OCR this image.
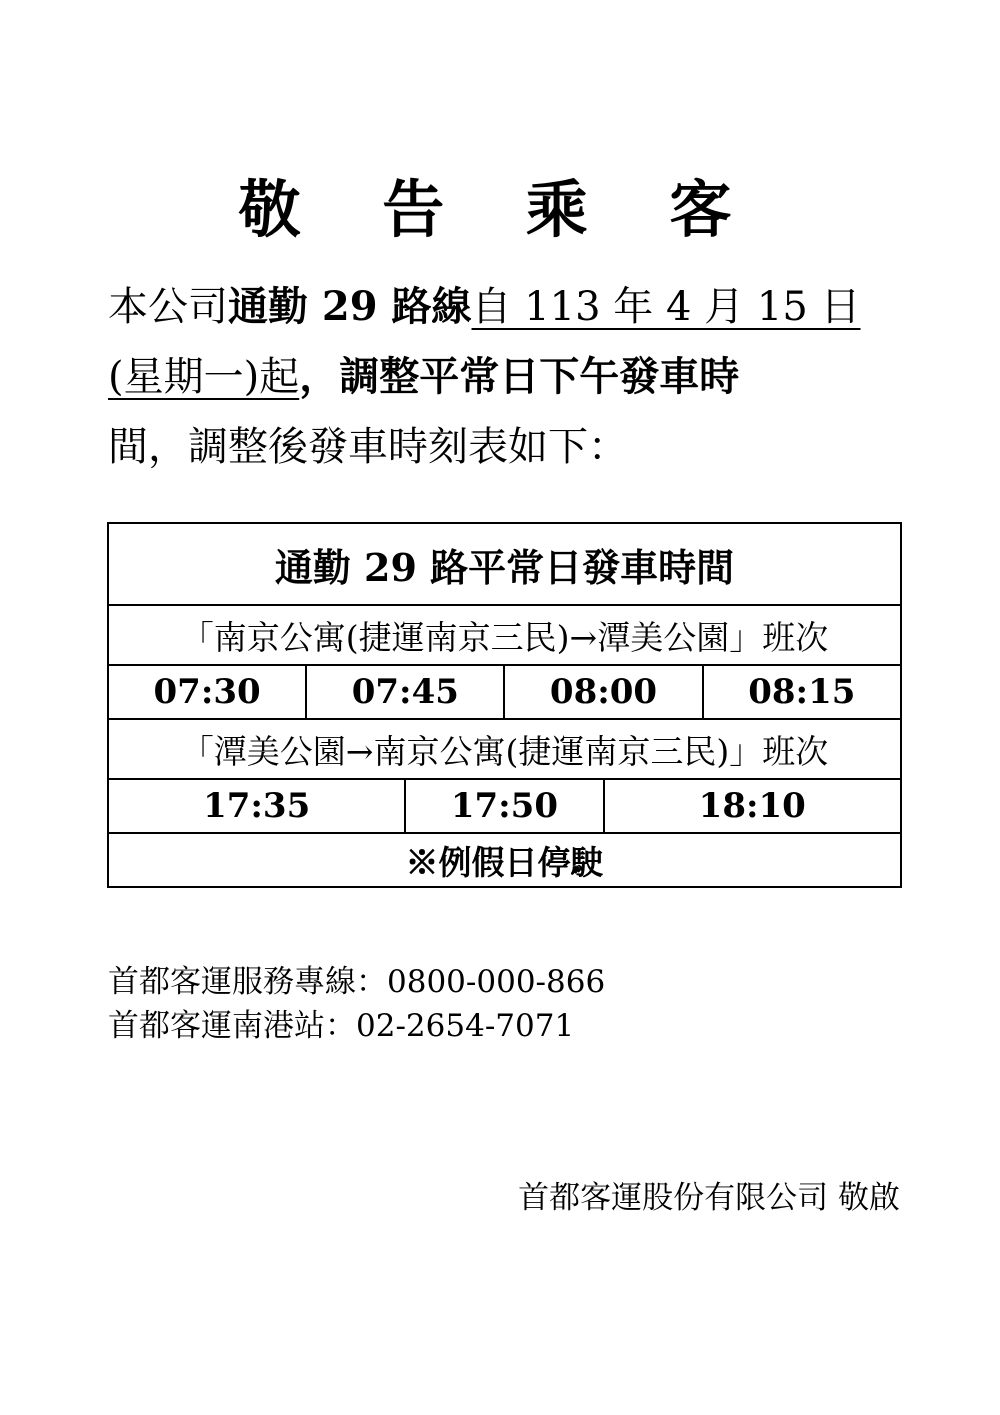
敬 告 乘 客
本公司通勤 29 路線自 113 年 4 月 15 日
(星期一)起，調整平常日下午發車時
間，調整後發車時刻表如下：
通勤 29 路平常日發車時間					
「南京公寓(捷運南京三民)→潭美公園」班次					
07:30	07:45		08:00		08:15
「潭美公園→南京公寓(捷運南京三民)」班次					
17:35		17:50		18:10	
※例假日停駛					
首都客運服務專線：0800-000-866
首都客運南港站：02-2654-7071
首都客運股份有限公司 敬啟
